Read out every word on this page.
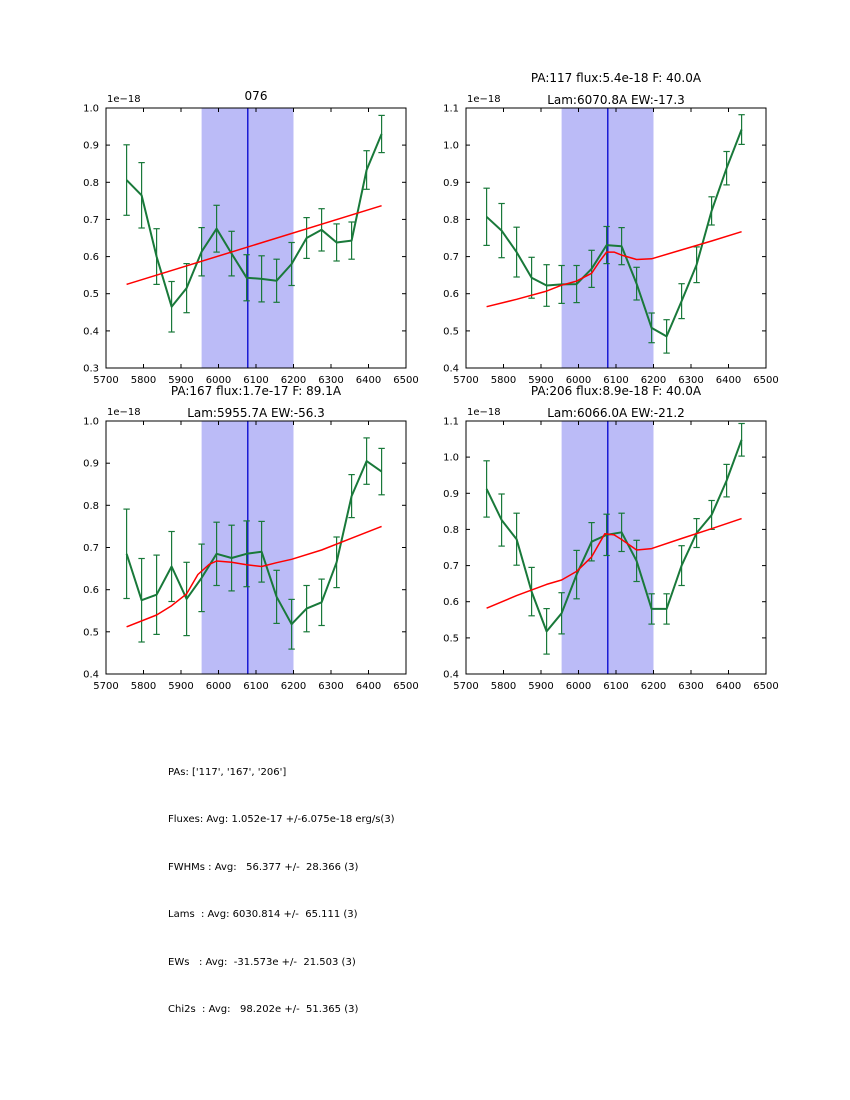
5700 5800 5900 6000 6100 6200 6300 6400 6500
0.3
0.4
0.5
0.6
0.7
0.8
0.9
1.0
1e−18	076
5700 5800 5900 6000 6100 6200 6300 6400 6500
0.4
0.5
0.6
0.7
0.8
0.9
1.0
1.1
1e−18
PA:117 flux:5.4e-18 F: 40.0A
Lam:6070.8A EW:-17.3
5700 5800 5900 6000 6100 6200 6300 6400 6500
0.4
0.5
0.6
0.7
0.8
0.9
1.0
1e−18
PA:167 flux:1.7e-17 F: 89.1A
Lam:5955.7A EW:-56.3
5700 5800 5900 6000 6100 6200 6300 6400 6500
0.4
0.5
0.6
0.7
0.8
0.9
1.0
1.1
1e−18
PA:206 flux:8.9e-18 F: 40.0A
Lam:6066.0A EW:-21.2

PAs: ['117', '167', '206']

Fluxes: Avg: 1.052e-17 +/-6.075e-18 erg/s(3)

FWHMs : Avg:   56.377 +/-  28.366 (3)

Lams  : Avg: 6030.814 +/-  65.111 (3)

EWs   : Avg:  -31.573e +/-  21.503 (3)

Chi2s  : Avg:   98.202e +/-  51.365 (3)
